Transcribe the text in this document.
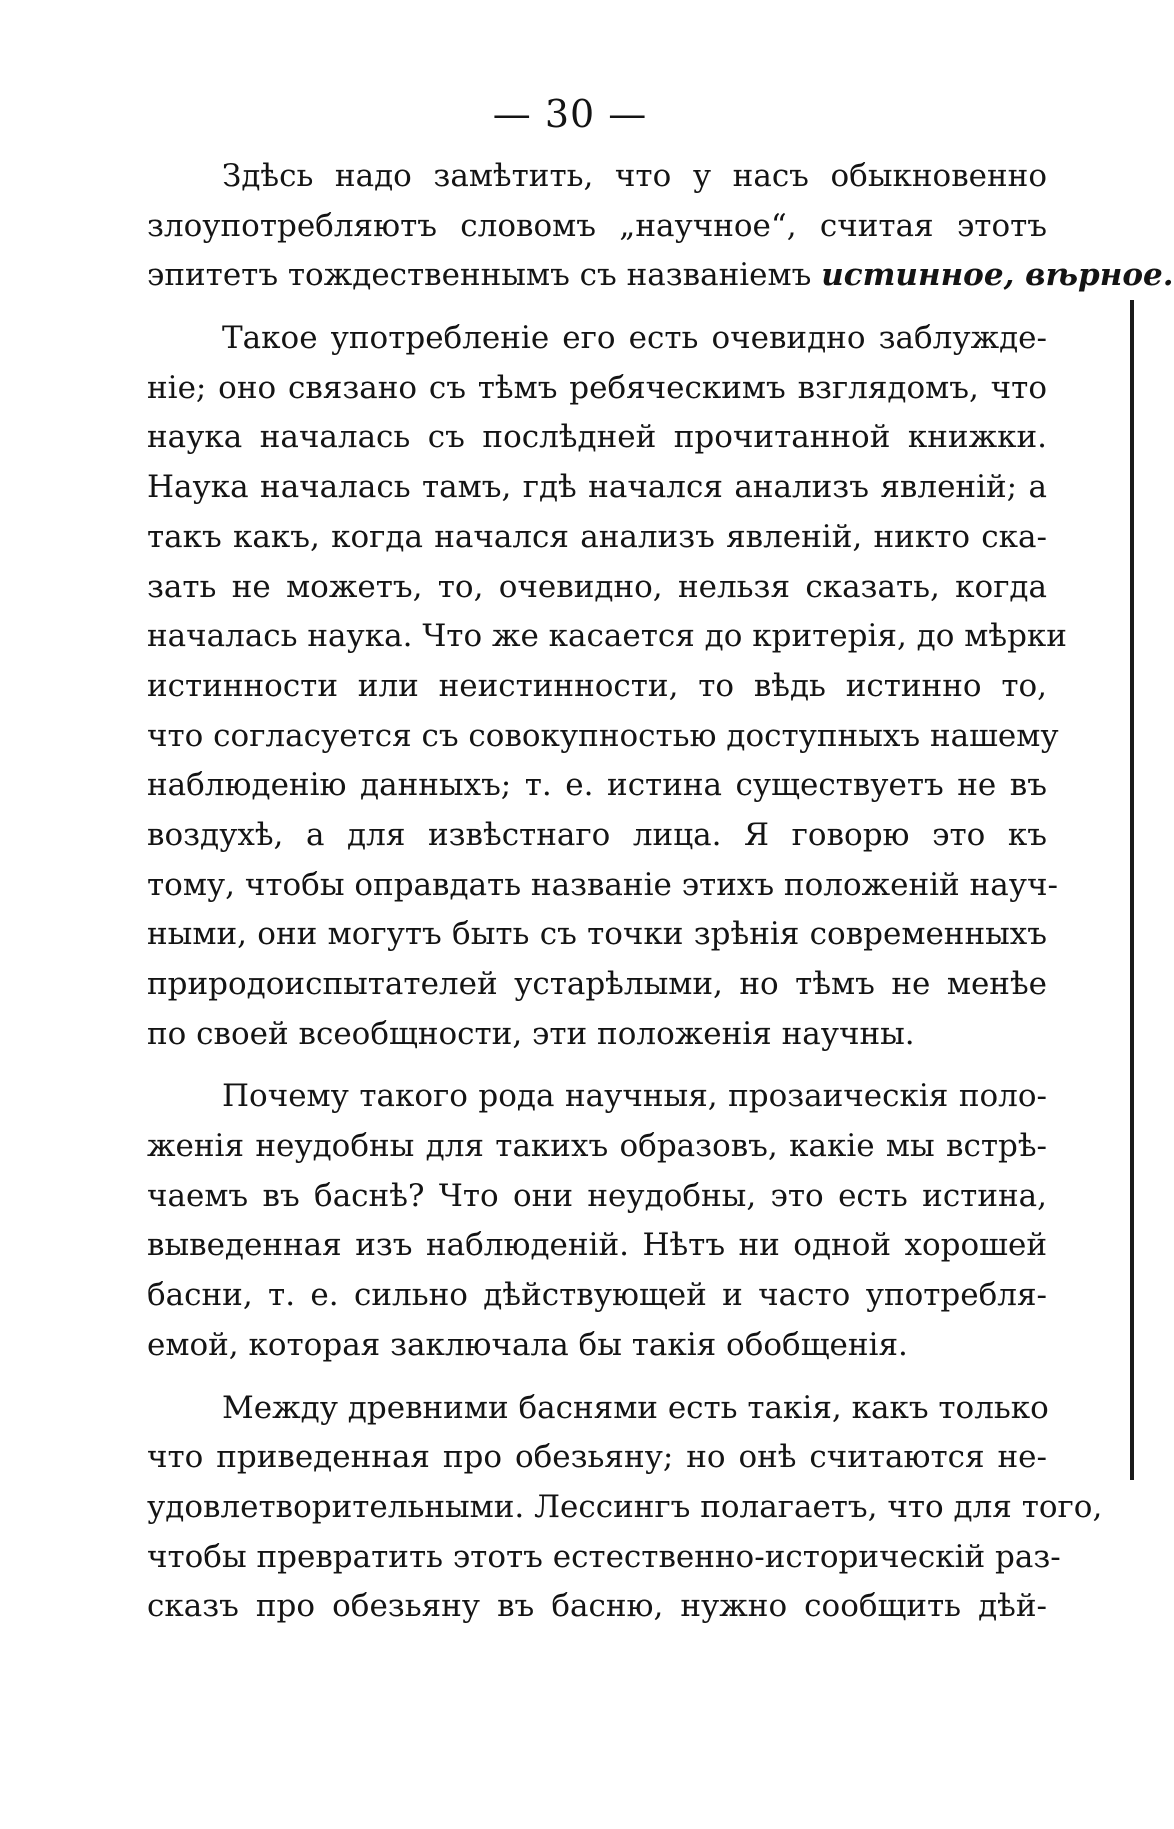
— 30 —
Здѣсь надо замѣтить, что у насъ обыкновенно
злоупотребляютъ словомъ „научное“, считая этотъ
эпитетъ тождественнымъ съ названіемъ истинное, вѣрное.
Такое употребленіе его есть очевидно заблужде-
ніе; оно связано съ тѣмъ ребяческимъ взглядомъ, что
наука началась съ послѣдней прочитанной книжки.
Наука началась тамъ, гдѣ начался анализъ явленій; а
такъ какъ, когда начался анализъ явленій, никто ска-
зать не можетъ, то, очевидно, нельзя сказать, когда
началась наука. Что же касается до критерія, до мѣрки
истинности или неистинности, то вѣдь истинно то,
что согласуется съ совокупностью доступныхъ нашему
наблюденію данныхъ; т. е. истина существуетъ не въ
воздухѣ, а для извѣстнаго лица. Я говорю это къ
тому, чтобы оправдать названіе этихъ положеній науч-
ными, они могутъ быть съ точки зрѣнія современныхъ
природоиспытателей устарѣлыми, но тѣмъ не менѣе
по своей всеобщности, эти положенія научны.
Почему такого рода научныя, прозаическія поло-
женія неудобны для такихъ образовъ, какіе мы встрѣ-
чаемъ въ баснѣ? Что они неудобны, это есть истина,
выведенная изъ наблюденій. Нѣтъ ни одной хорошей
басни, т. е. сильно дѣйствующей и часто употребля-
емой, которая заключала бы такія обобщенія.
Между древними баснями есть такія, какъ только
что приведенная про обезьяну; но онѣ считаются не-
удовлетворительными. Лессингъ полагаетъ, что для того,
чтобы превратить этотъ естественно-историческій раз-
сказъ про обезьяну въ басню, нужно сообщить дѣй-
